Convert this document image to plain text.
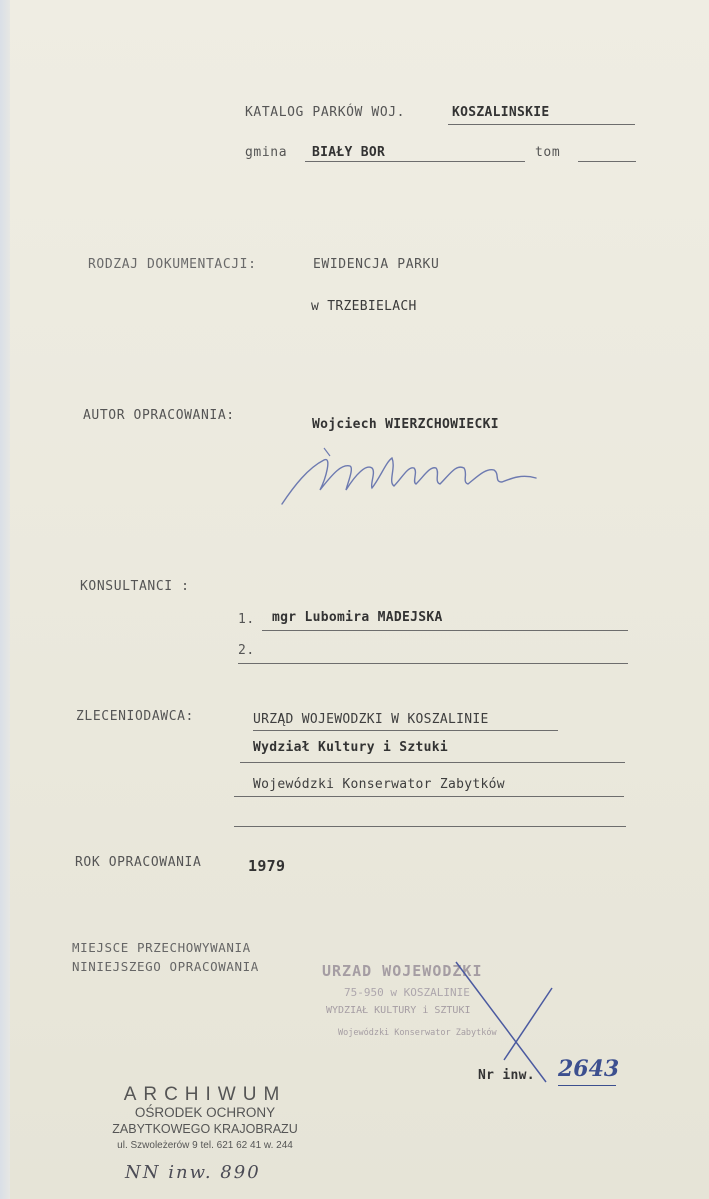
KATALOG PARKÓW WOJ.	KOSZALINSKIE
gmina BIAŁY BOR	tom
RODZAJ DOKUMENTACJI:	EWIDENCJA PARKU
w TRZEBIELACH
AUTOR OPRACOWANIA:
Wojciech WIERZCHOWIECKI
KONSULTANCI :
1. mgr Lubomira MADEJSKA
2.
ZLECENIODAWCA:	URZĄD WOJEWODZKI W KOSZALINIE
Wydział Kultury i Sztuki
Wojewódzki Konserwator Zabytków
ROK OPRACOWANIA	1979
MIEJSCE PRZECHOWYWANIA
NINIEJSZEGO OPRACOWANIA	URZAD WOJEWODZKI
75-950 w KOSZALINIE
WYDZIAŁ KULTURY i SZTUKI
Wojewódzki Konserwator Zabytków
Nr inw. 2643
ARCHIWUM
OŚRODEK OCHRONY
ZABYTKOWEGO KRAJOBRAZU
ul. Szwoleżerów 9 tel. 621 62 41 w. 244
NN inw. 890
